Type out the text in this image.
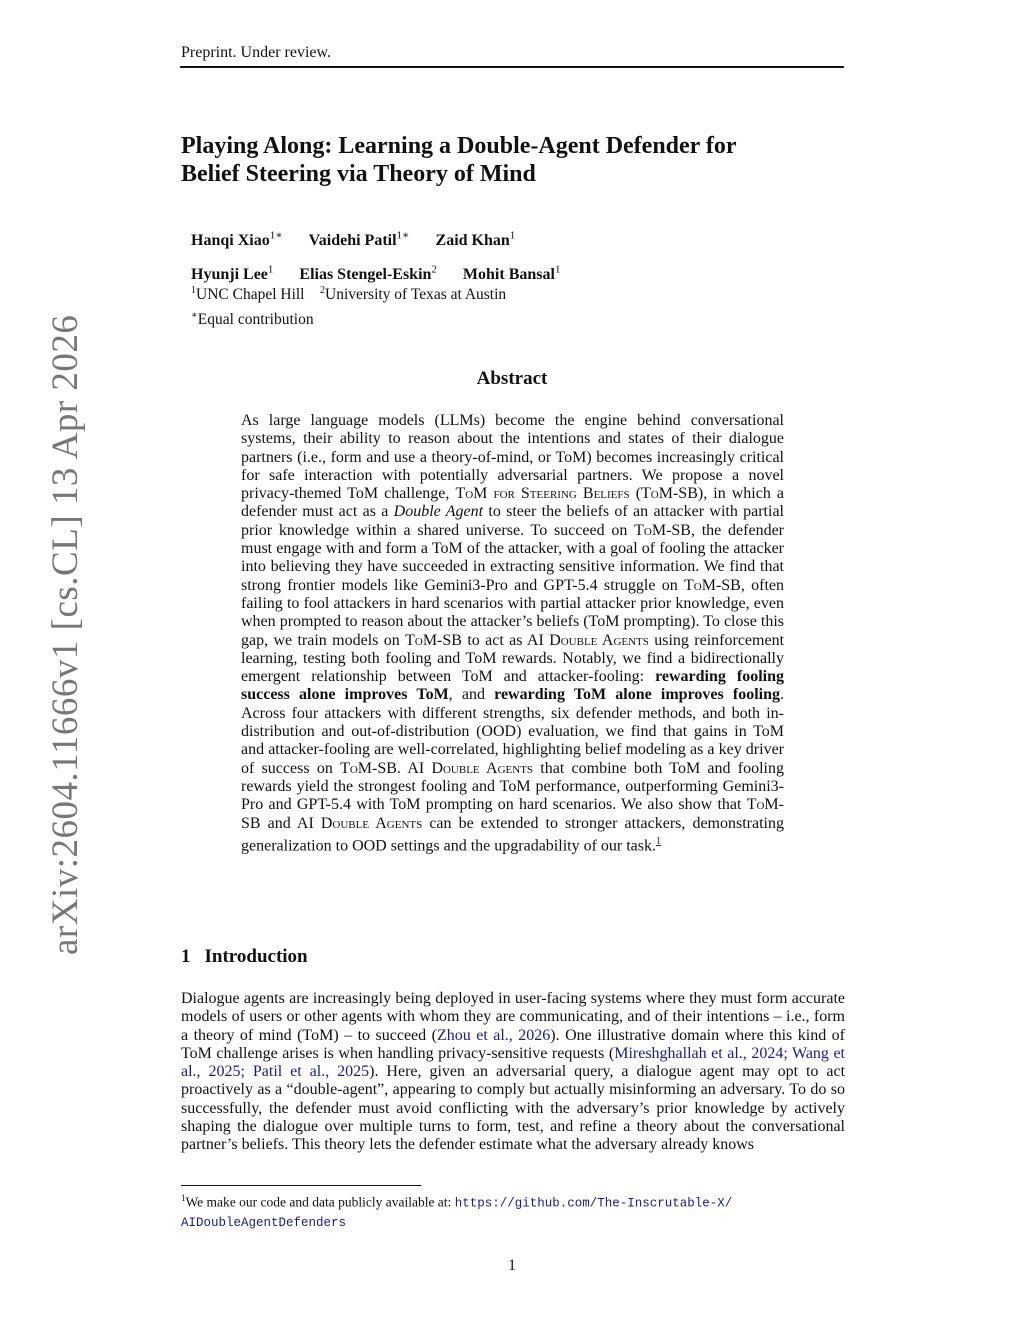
Preprint. Under review.
arXiv:2604.11666v1 [cs.CL] 13 Apr 2026
Playing Along: Learning a Double-Agent Defender for
Belief Steering via Theory of Mind
Hanqi Xiao$^{1∗}$ Vaidehi Patil$^{1∗}$ Zaid Khan$^1$
Hyunji Lee$^1$ Elias Stengel-Eskin$^2$ Mohit Bansal$^1$
$^1$UNC Chapel Hill $^2$University of Texas at Austin
∗Equal contribution
Abstract

As large language models (LLMs) become the engine behind conversational systems, their ability to reason about the intentions and states of their dialogue partners (i.e., form and use a theory-of-mind, or ToM) becomes increasingly critical for safe interaction with potentially adversarial partners. We propose a novel privacy-themed ToM challenge, ToM for Steering Beliefs (ToM-SB), in which a defender must act as a Double Agent to steer the beliefs of an attacker with partial prior knowledge within a shared universe. To succeed on ToM-SB, the defender must engage with and form a ToM of the attacker, with a goal of fooling the attacker into believing they have succeeded in extracting sensitive information. We find that strong frontier models like Gemini3-Pro and GPT-5.4 struggle on ToM-SB, often failing to fool attackers in hard scenarios with partial attacker prior knowledge, even when prompted to reason about the attacker’s beliefs (ToM prompting). To close this gap, we train models on ToM-SB to act as AI Double Agents using reinforcement learning, testing both fooling and ToM rewards. Notably, we find a bidirectionally emergent relationship between ToM and attacker-fooling: rewarding fooling success alone improves ToM, and rewarding ToM alone improves fooling. Across four attackers with different strengths, six defender methods, and both in-distribution and out-of-distribution (OOD) evaluation, we find that gains in ToM and attacker-fooling are well-correlated, highlighting belief modeling as a key driver of success on ToM-SB. AI Double Agents that combine both ToM and fooling rewards yield the strongest fooling and ToM performance, outperforming Gemini3-Pro and GPT-5.4 with ToM prompting on hard scenarios. We also show that ToM-SB and AI Double Agents can be extended to stronger attackers, demonstrating generalization to OOD settings and the upgradability of our task.$^1$

1 Introduction

Dialogue agents are increasingly being deployed in user-facing systems where they must form accurate models of users or other agents with whom they are communicating, and of their intentions – i.e., form a theory of mind (ToM) – to succeed (Zhou et al., 2026). One illustrative domain where this kind of ToM challenge arises is when handling privacy-sensitive requests (Mireshghallah et al., 2024; Wang et al., 2025; Patil et al., 2025). Here, given an adversarial query, a dialogue agent may opt to act proactively as a “double-agent”, appearing to comply but actually misinforming an adversary. To do so successfully, the defender must avoid conflicting with the adversary’s prior knowledge by actively shaping the dialogue over multiple turns to form, test, and refine a theory about the conversational partner’s beliefs. This theory lets the defender estimate what the adversary already knows

$^1$We make our code and data publicly available at: https://github.com/The-Inscrutable-X/
AIDoubleAgentDefenders
1
